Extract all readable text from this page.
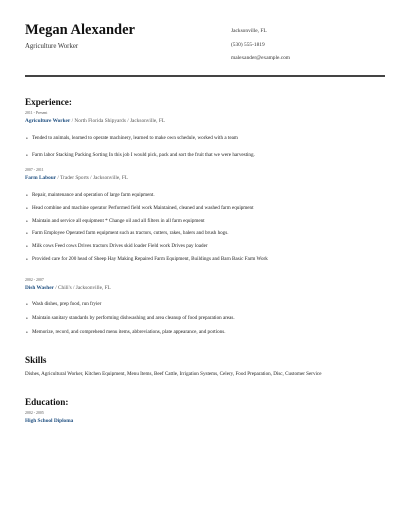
Megan Alexander
Agriculture Worker
Jacksonville, FL
(530) 555-1819
malexander@example.com
Experience:
2011 - Present
Agriculture Worker / North Florida Shipyards / Jacksonville, FL
• Tended to animals, learned to operate machinery, learned to make own schedule, worked with a team
• Farm labor Stacking Packing Sorting In this job I would pick, pack and sort the fruit that we were harvesting.
2007 - 2011
Farm Labour / Trader Sports / Jacksonville, FL
• Repair, maintenance and operation of large farm equipment.
• Head combine and machine operator Performed field work Maintained, cleaned and washed farm equipment
• Maintain and service all equipment * Change oil and all filters in all farm equipment
• Farm Employee Operated farm equipment such as tractors, cutters, rakes, balers and brush hogs.
• Milk cows Feed cows Drives tractors Drives skid loader Field work Drives pay loader
• Provided care for 200 head of Sheep Hay Making Repaired Farm Equipment, Buildings and Barn Basic Farm Work
2002 - 2007
Dish Washer / Chili's / Jacksonville, FL
• Wash dishes, prep food, run fryier
• Maintain sanitary standards by performing dishwashing and area cleanup of food preparation areas.
• Memorize, record, and comprehend menu items, abbreviations, plate appearance, and portions.
Skills
Dishes, Agricultural Worker, Kitchen Equipment, Menu Items, Beef Cattle, Irrigation Systems, Celery, Food Preparation, Disc, Customer Service
Education:
2002 - 2005
High School Diploma
